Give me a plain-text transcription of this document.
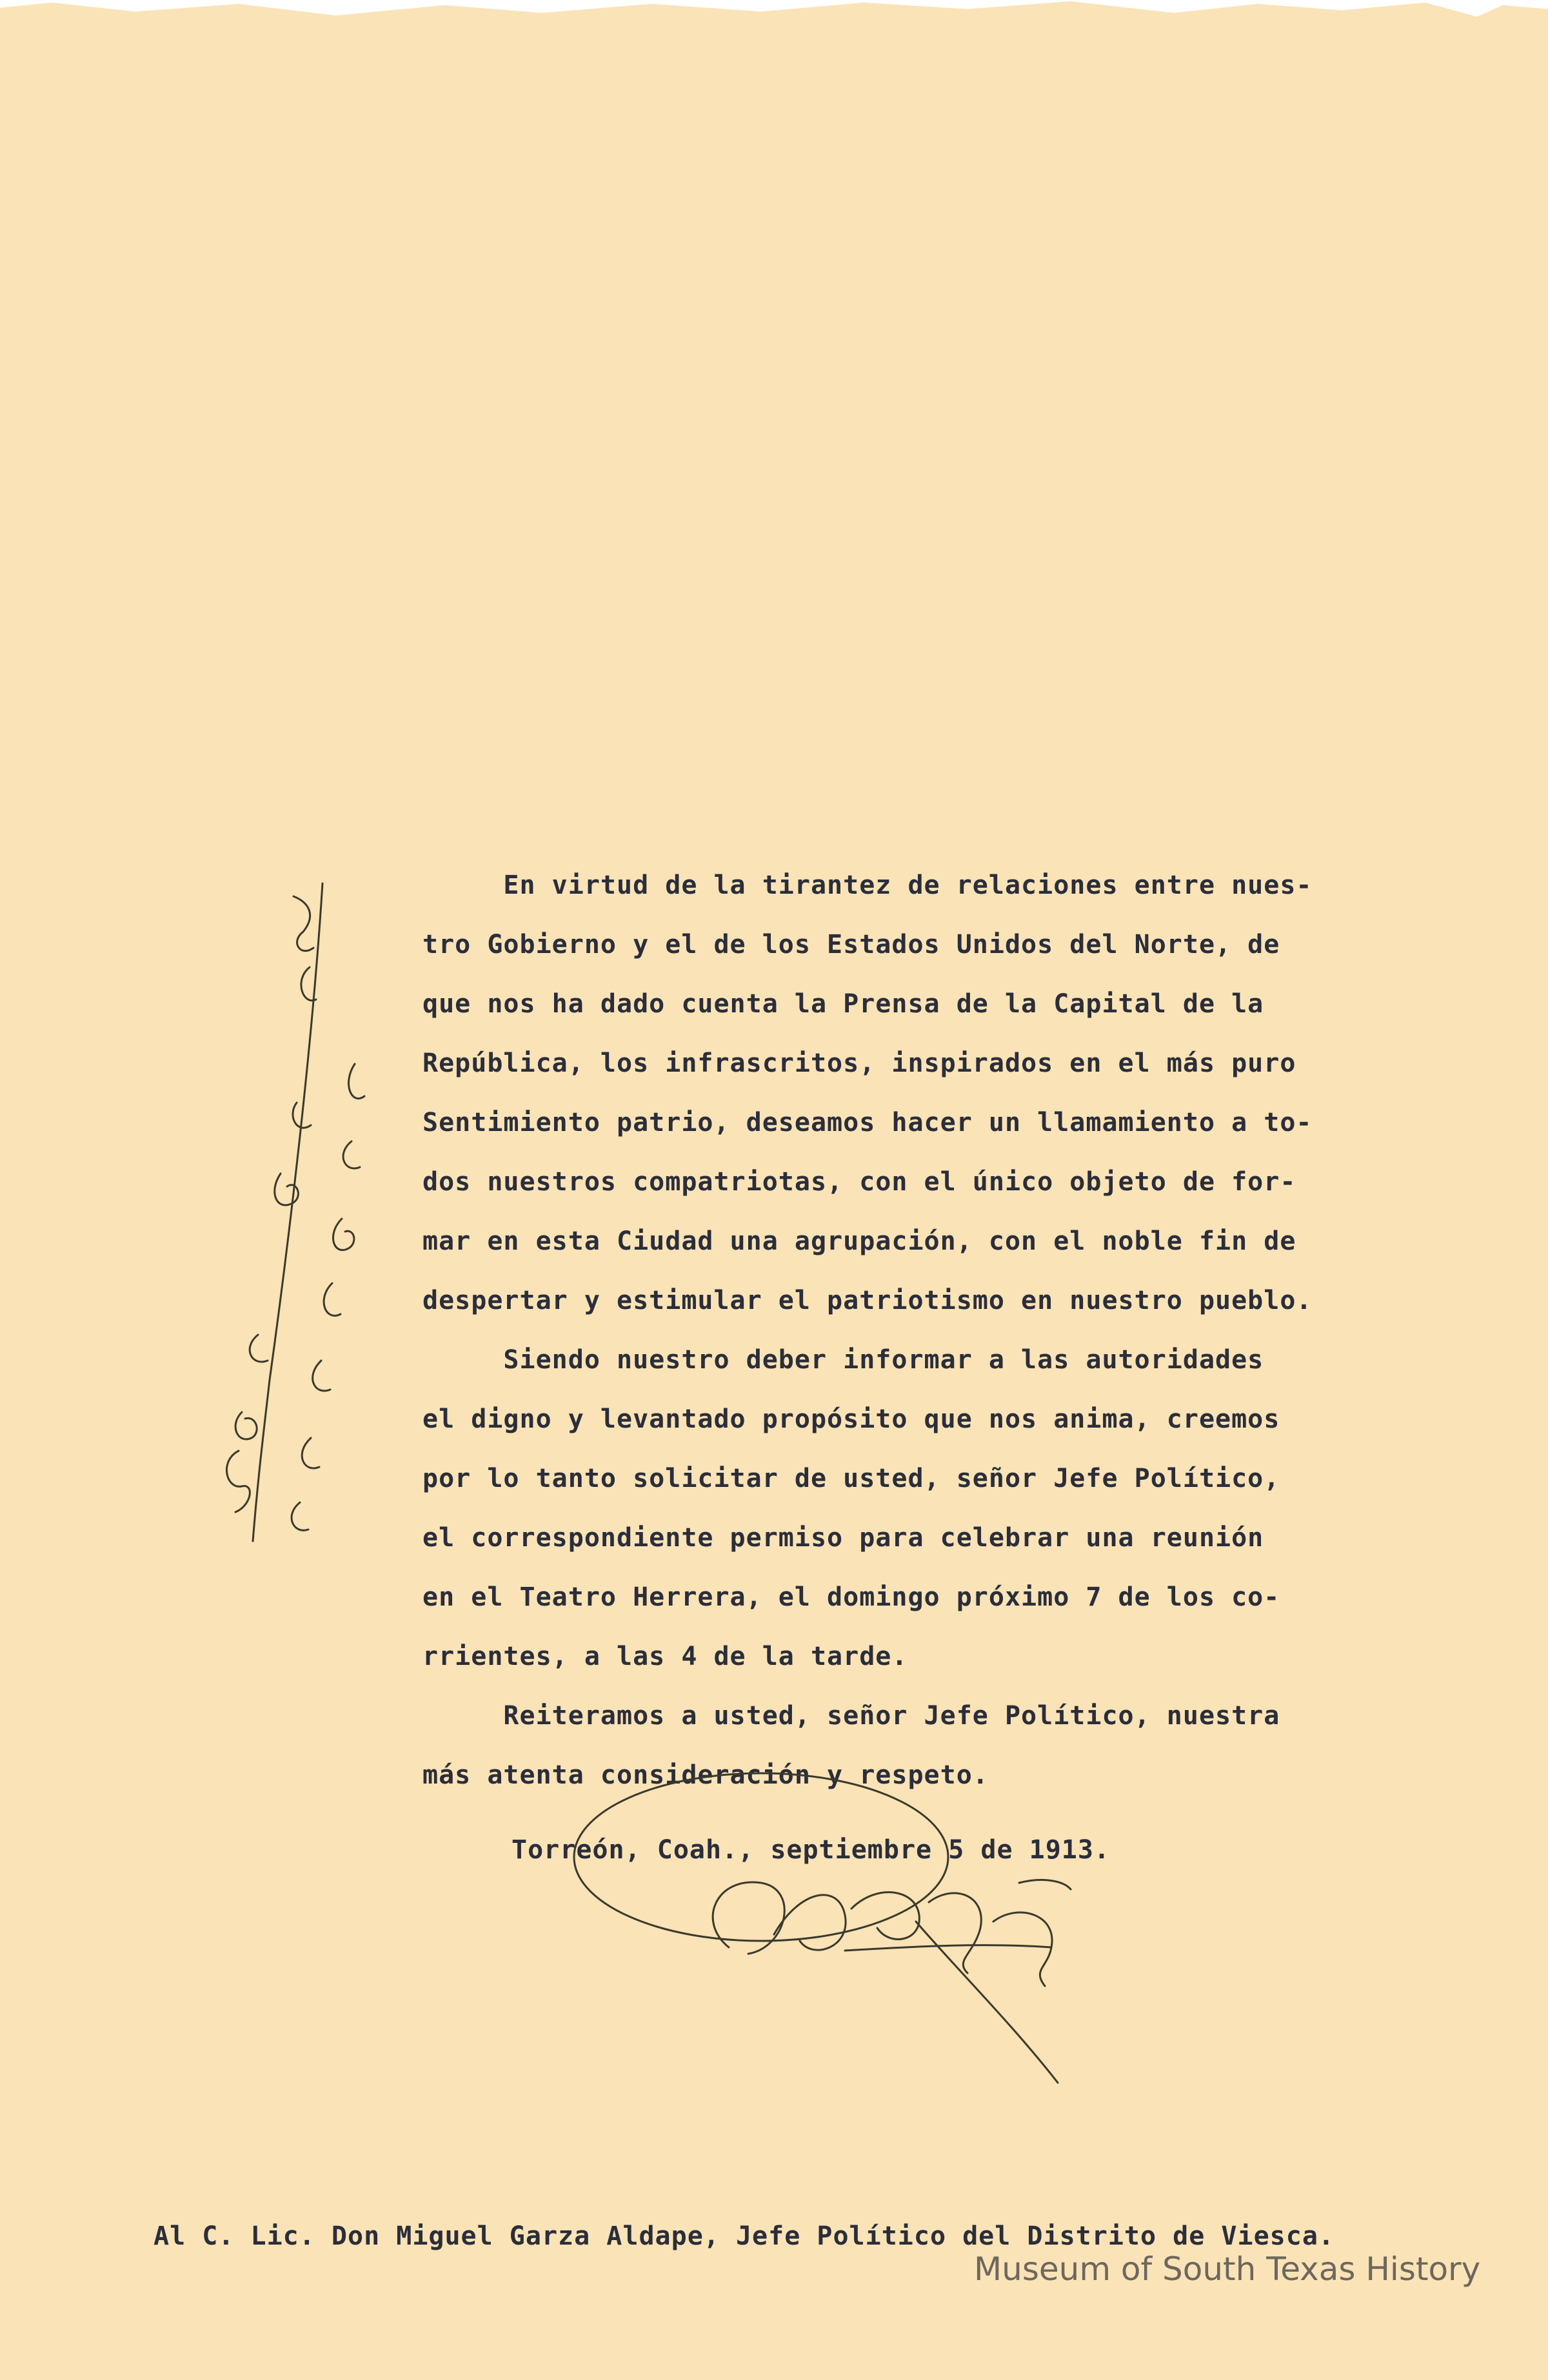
En virtud de la tirantez de relaciones entre nues-

tro Gobierno y el de los Estados Unidos del Norte, de

que nos ha dado cuenta la Prensa de la Capital de la

República, los infrascritos, inspirados en el más puro

Sentimiento patrio, deseamos hacer un llamamiento a to-

dos nuestros compatriotas, con el único objeto de for-

mar en esta Ciudad una agrupación, con el noble fin de

despertar y estimular el patriotismo en nuestro pueblo.

Siendo nuestro deber informar a las autoridades

el digno y levantado propósito que nos anima, creemos

por lo tanto solicitar de usted, señor Jefe Político,

el correspondiente permiso para celebrar una reunión

en el Teatro Herrera, el domingo próximo 7 de los co-

rrientes, a las 4 de la tarde.

Reiteramos a usted, señor Jefe Político, nuestra

más atenta consideración y respeto.

Torreón, Coah., septiembre 5 de 1913.
Al C. Lic. Don Miguel Garza Aldape, Jefe Político del Distrito de Viesca.
Museum of South Texas History
